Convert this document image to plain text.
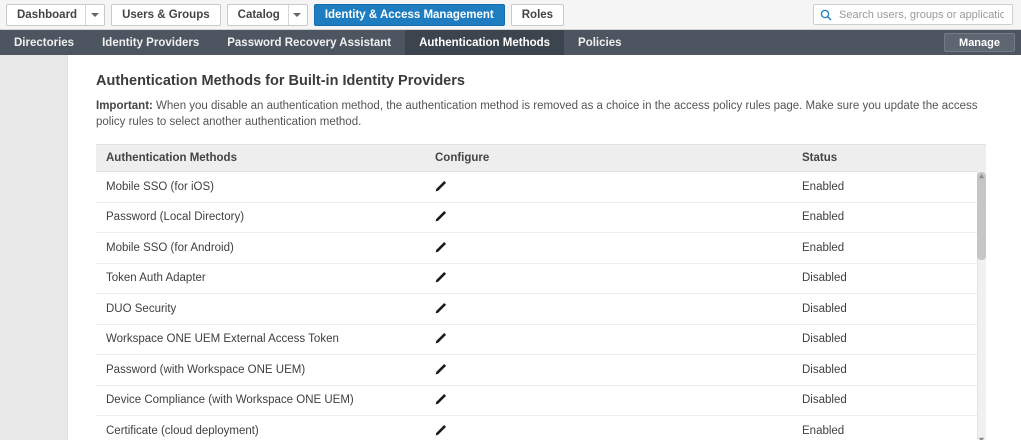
Dashboard	Users & Groups Catalog	Identity & Access Management Roles
Search users, groups or applications
Directories Identity Providers Password Recovery Assistant Authentication Methods Policies	Manage
Authentication Methods for Built-in Identity Providers

Important: When you disable an authentication method, the authentication method is removed as a choice in the access policy rules page. Make sure you update the access policy rules to select another authentication method.

Authentication Methods	Configure	Status
Mobile SSO (for iOS)		Enabled
Password (Local Directory)		Enabled
Mobile SSO (for Android)		Enabled
Token Auth Adapter		Disabled
DUO Security		Disabled
Workspace ONE UEM External Access Token		Disabled
Password (with Workspace ONE UEM)		Disabled
Device Compliance (with Workspace ONE UEM)		Disabled
Certificate (cloud deployment)		Enabled
